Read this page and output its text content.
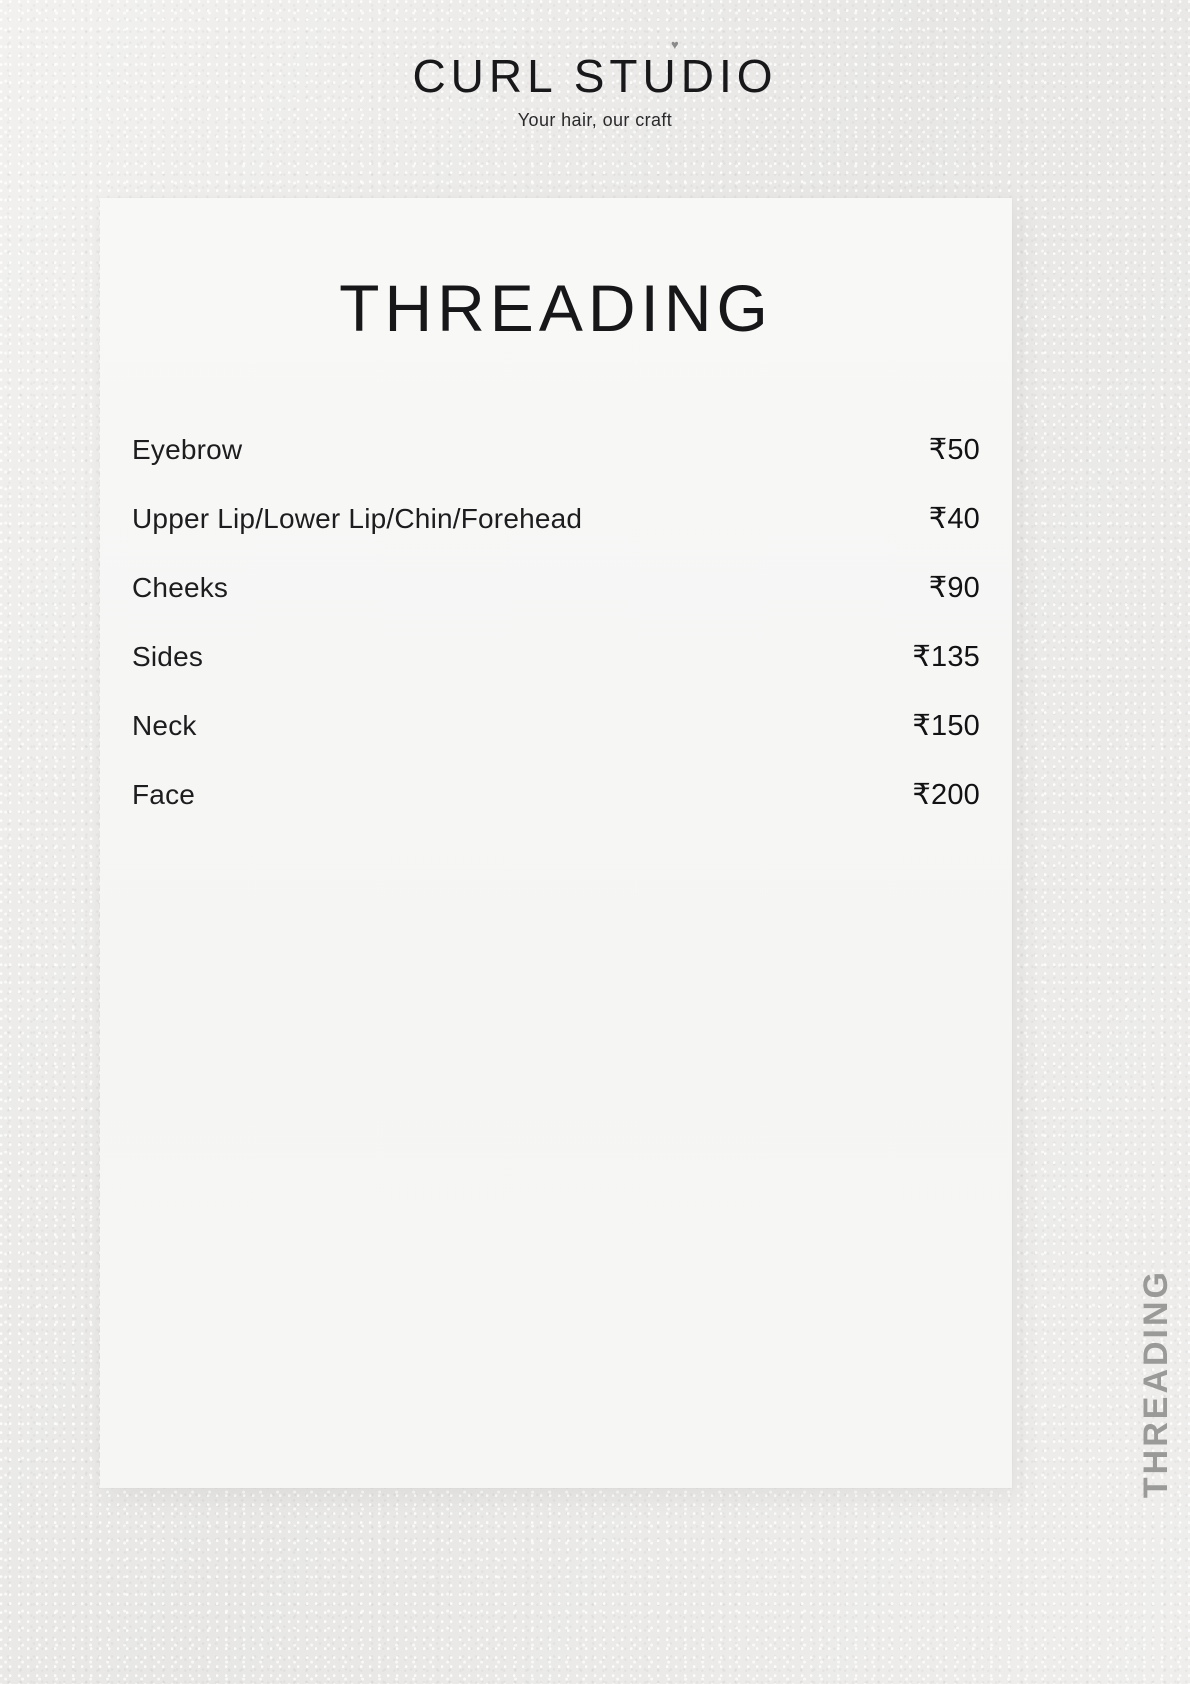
CURL STUDIO
♥
Your hair, our craft
THREADING
Eyebrow	₹50
Upper Lip/Lower Lip/Chin/Forehead	₹40
Cheeks	₹90
Sides	₹135
Neck	₹150
Face	₹200
THREADING
